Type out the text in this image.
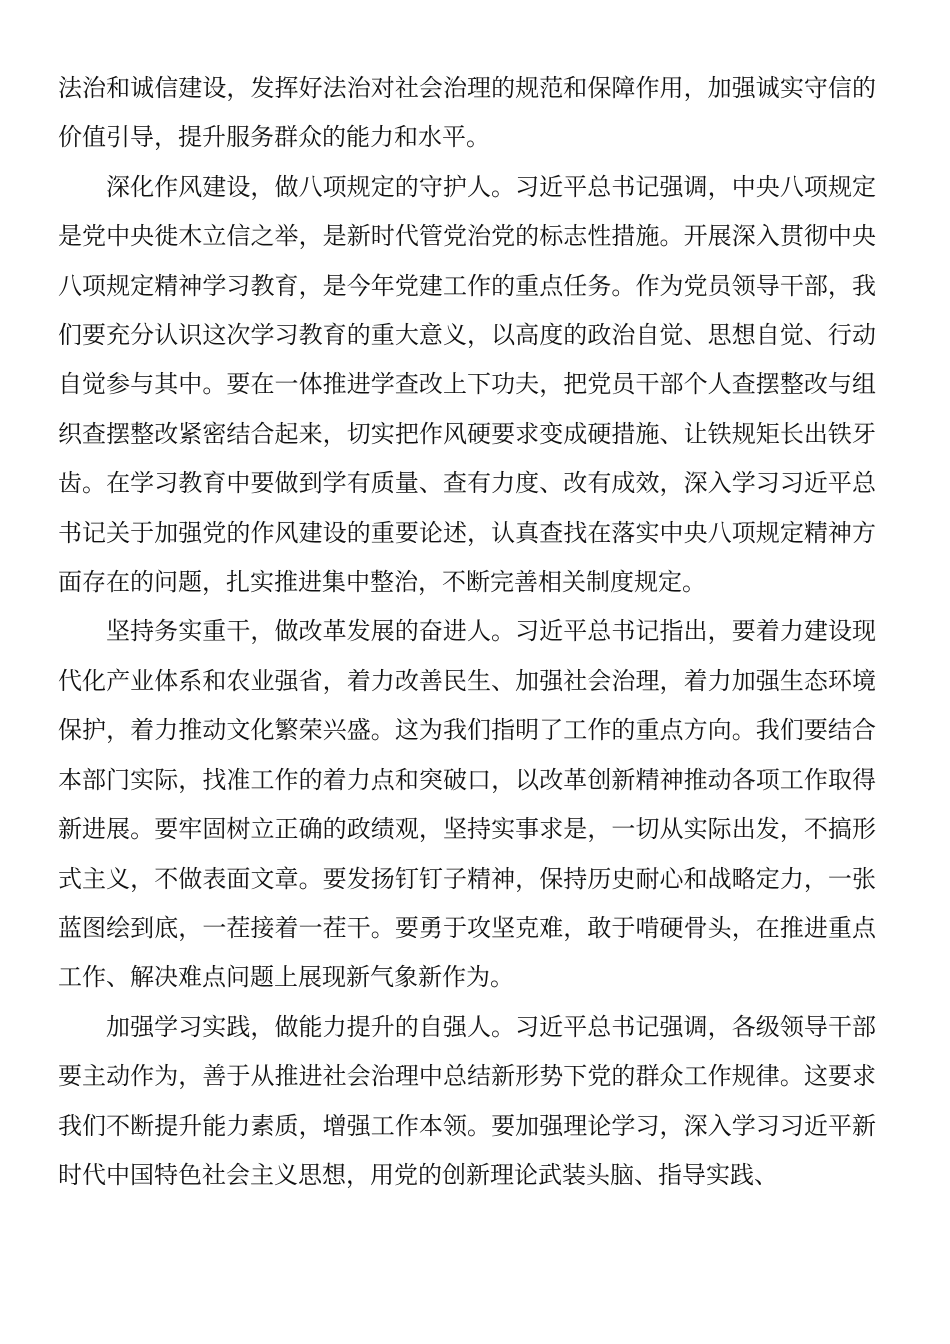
法治和诚信建设，发挥好法治对社会治理的规范和保障作用，加强诚实守信的价值引导，提升服务群众的能力和水平。

深化作风建设，做八项规定的守护人。习近平总书记强调，中央八项规定是党中央徙木立信之举，是新时代管党治党的标志性措施。开展深入贯彻中央八项规定精神学习教育，是今年党建工作的重点任务。作为党员领导干部，我们要充分认识这次学习教育的重大意义，以高度的政治自觉、思想自觉、行动自觉参与其中。要在一体推进学查改上下功夫，把党员干部个人查摆整改与组织查摆整改紧密结合起来，切实把作风硬要求变成硬措施、让铁规矩长出铁牙齿。在学习教育中要做到学有质量、查有力度、改有成效，深入学习习近平总书记关于加强党的作风建设的重要论述，认真查找在落实中央八项规定精神方面存在的问题，扎实推进集中整治，不断完善相关制度规定。

坚持务实重干，做改革发展的奋进人。习近平总书记指出，要着力建设现代化产业体系和农业强省，着力改善民生、加强社会治理，着力加强生态环境保护，着力推动文化繁荣兴盛。这为我们指明了工作的重点方向。我们要结合本部门实际，找准工作的着力点和突破口，以改革创新精神推动各项工作取得新进展。要牢固树立正确的政绩观，坚持实事求是，一切从实际出发，不搞形式主义，不做表面文章。要发扬钉钉子精神，保持历史耐心和战略定力，一张蓝图绘到底，一茬接着一茬干。要勇于攻坚克难，敢于啃硬骨头，在推进重点工作、解决难点问题上展现新气象新作为。

加强学习实践，做能力提升的自强人。习近平总书记强调，各级领导干部要主动作为，善于从推进社会治理中总结新形势下党的群众工作规律。这要求我们不断提升能力素质，增强工作本领。要加强理论学习，深入学习习近平新时代中国特色社会主义思想，用党的创新理论武装头脑、指导实践、
